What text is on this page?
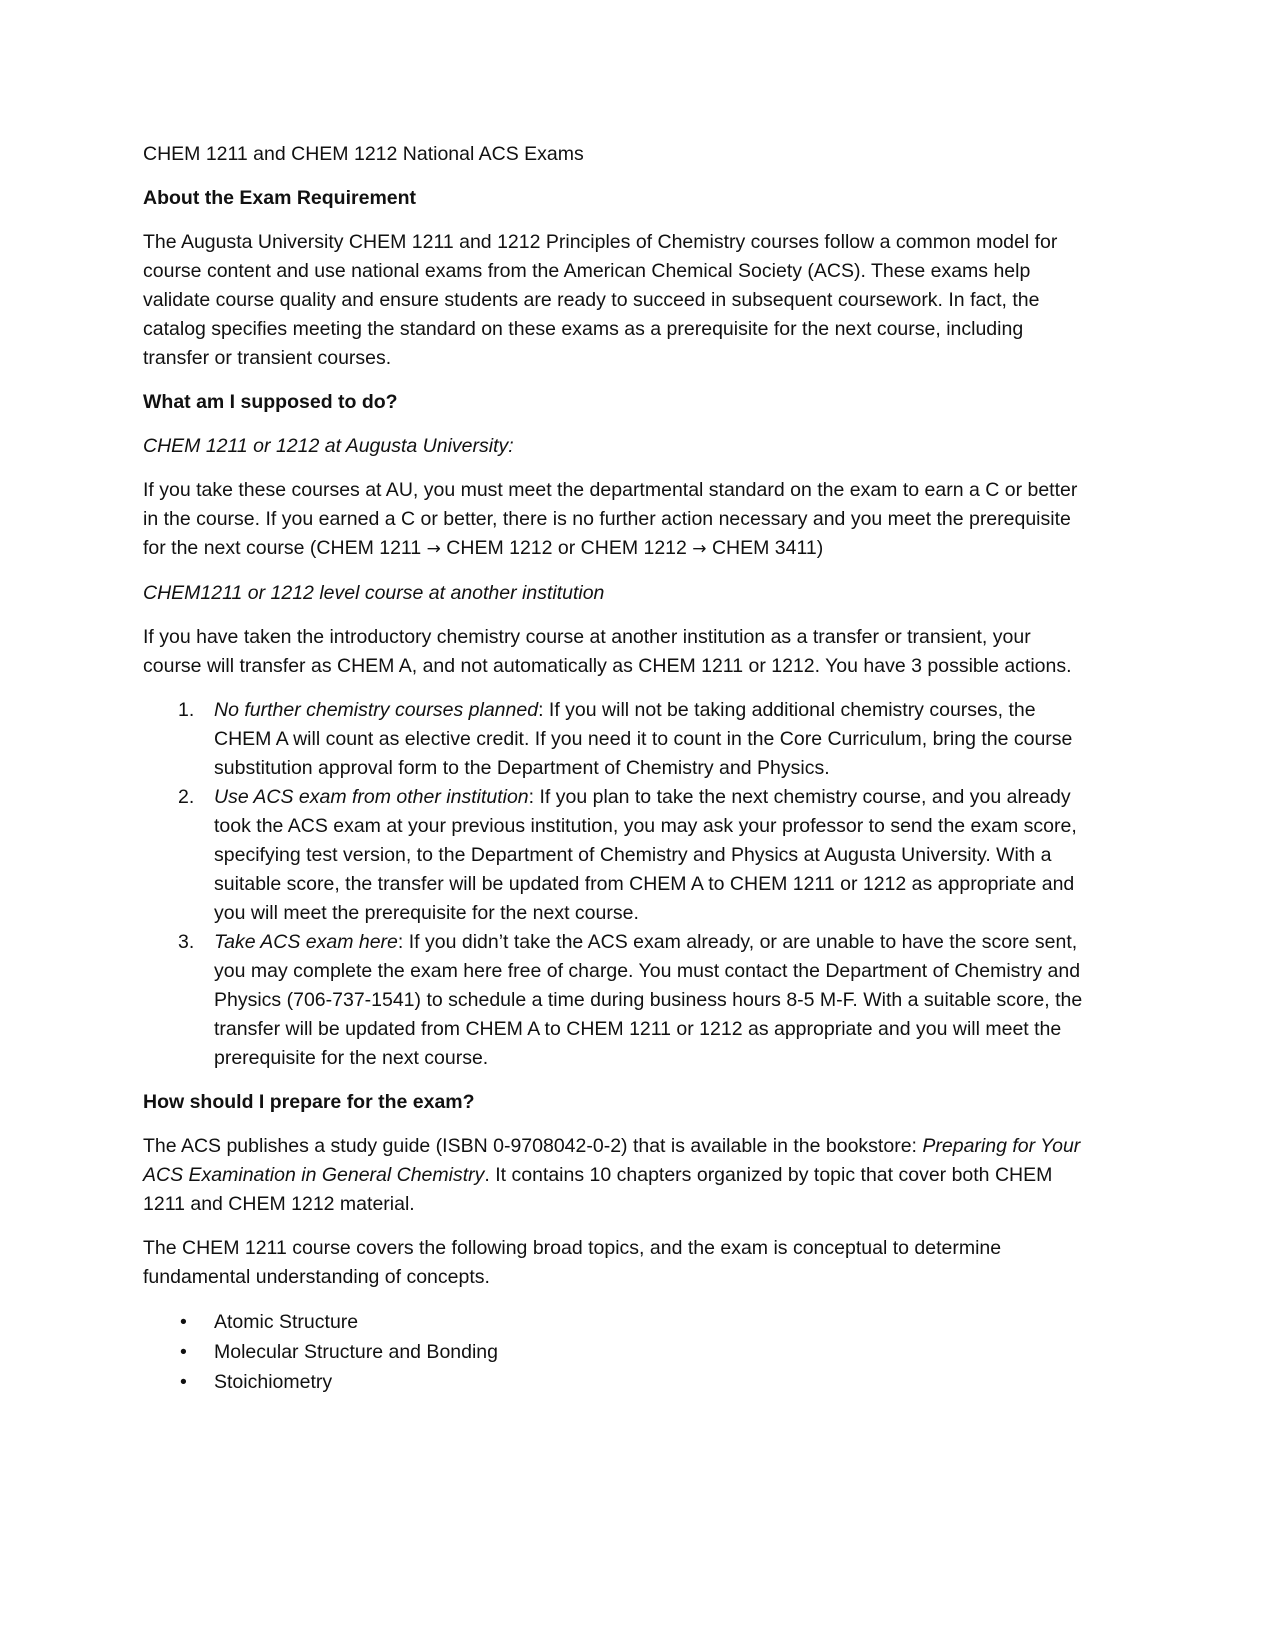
CHEM 1211 and CHEM 1212 National ACS Exams

About the Exam Requirement

The Augusta University CHEM 1211 and 1212 Principles of Chemistry courses follow a common model for course content and use national exams from the American Chemical Society (ACS). These exams help validate course quality and ensure students are ready to succeed in subsequent coursework. In fact, the catalog specifies meeting the standard on these exams as a prerequisite for the next course, including transfer or transient courses.

What am I supposed to do?

CHEM 1211 or 1212 at Augusta University:

If you take these courses at AU, you must meet the departmental standard on the exam to earn a C or better in the course. If you earned a C or better, there is no further action necessary and you meet the prerequisite for the next course (CHEM 1211 → CHEM 1212 or CHEM 1212 → CHEM 3411)

CHEM1211 or 1212 level course at another institution

If you have taken the introductory chemistry course at another institution as a transfer or transient, your course will transfer as CHEM A, and not automatically as CHEM 1211 or 1212. You have 3 possible actions.

1. No further chemistry courses planned: If you will not be taking additional chemistry courses, the CHEM A will count as elective credit. If you need it to count in the Core Curriculum, bring the course substitution approval form to the Department of Chemistry and Physics.
2. Use ACS exam from other institution: If you plan to take the next chemistry course, and you already took the ACS exam at your previous institution, you may ask your professor to send the exam score, specifying test version, to the Department of Chemistry and Physics at Augusta University. With a suitable score, the transfer will be updated from CHEM A to CHEM 1211 or 1212 as appropriate and you will meet the prerequisite for the next course.
3. Take ACS exam here: If you didn’t take the ACS exam already, or are unable to have the score sent, you may complete the exam here free of charge. You must contact the Department of Chemistry and Physics (706-737-1541) to schedule a time during business hours 8-5 M-F. With a suitable score, the transfer will be updated from CHEM A to CHEM 1211 or 1212 as appropriate and you will meet the prerequisite for the next course.

How should I prepare for the exam?

The ACS publishes a study guide (ISBN 0-9708042-0-2) that is available in the bookstore: Preparing for Your ACS Examination in General Chemistry. It contains 10 chapters organized by topic that cover both CHEM 1211 and CHEM 1212 material.

The CHEM 1211 course covers the following broad topics, and the exam is conceptual to determine fundamental understanding of concepts.

• Atomic Structure
• Molecular Structure and Bonding
• Stoichiometry
